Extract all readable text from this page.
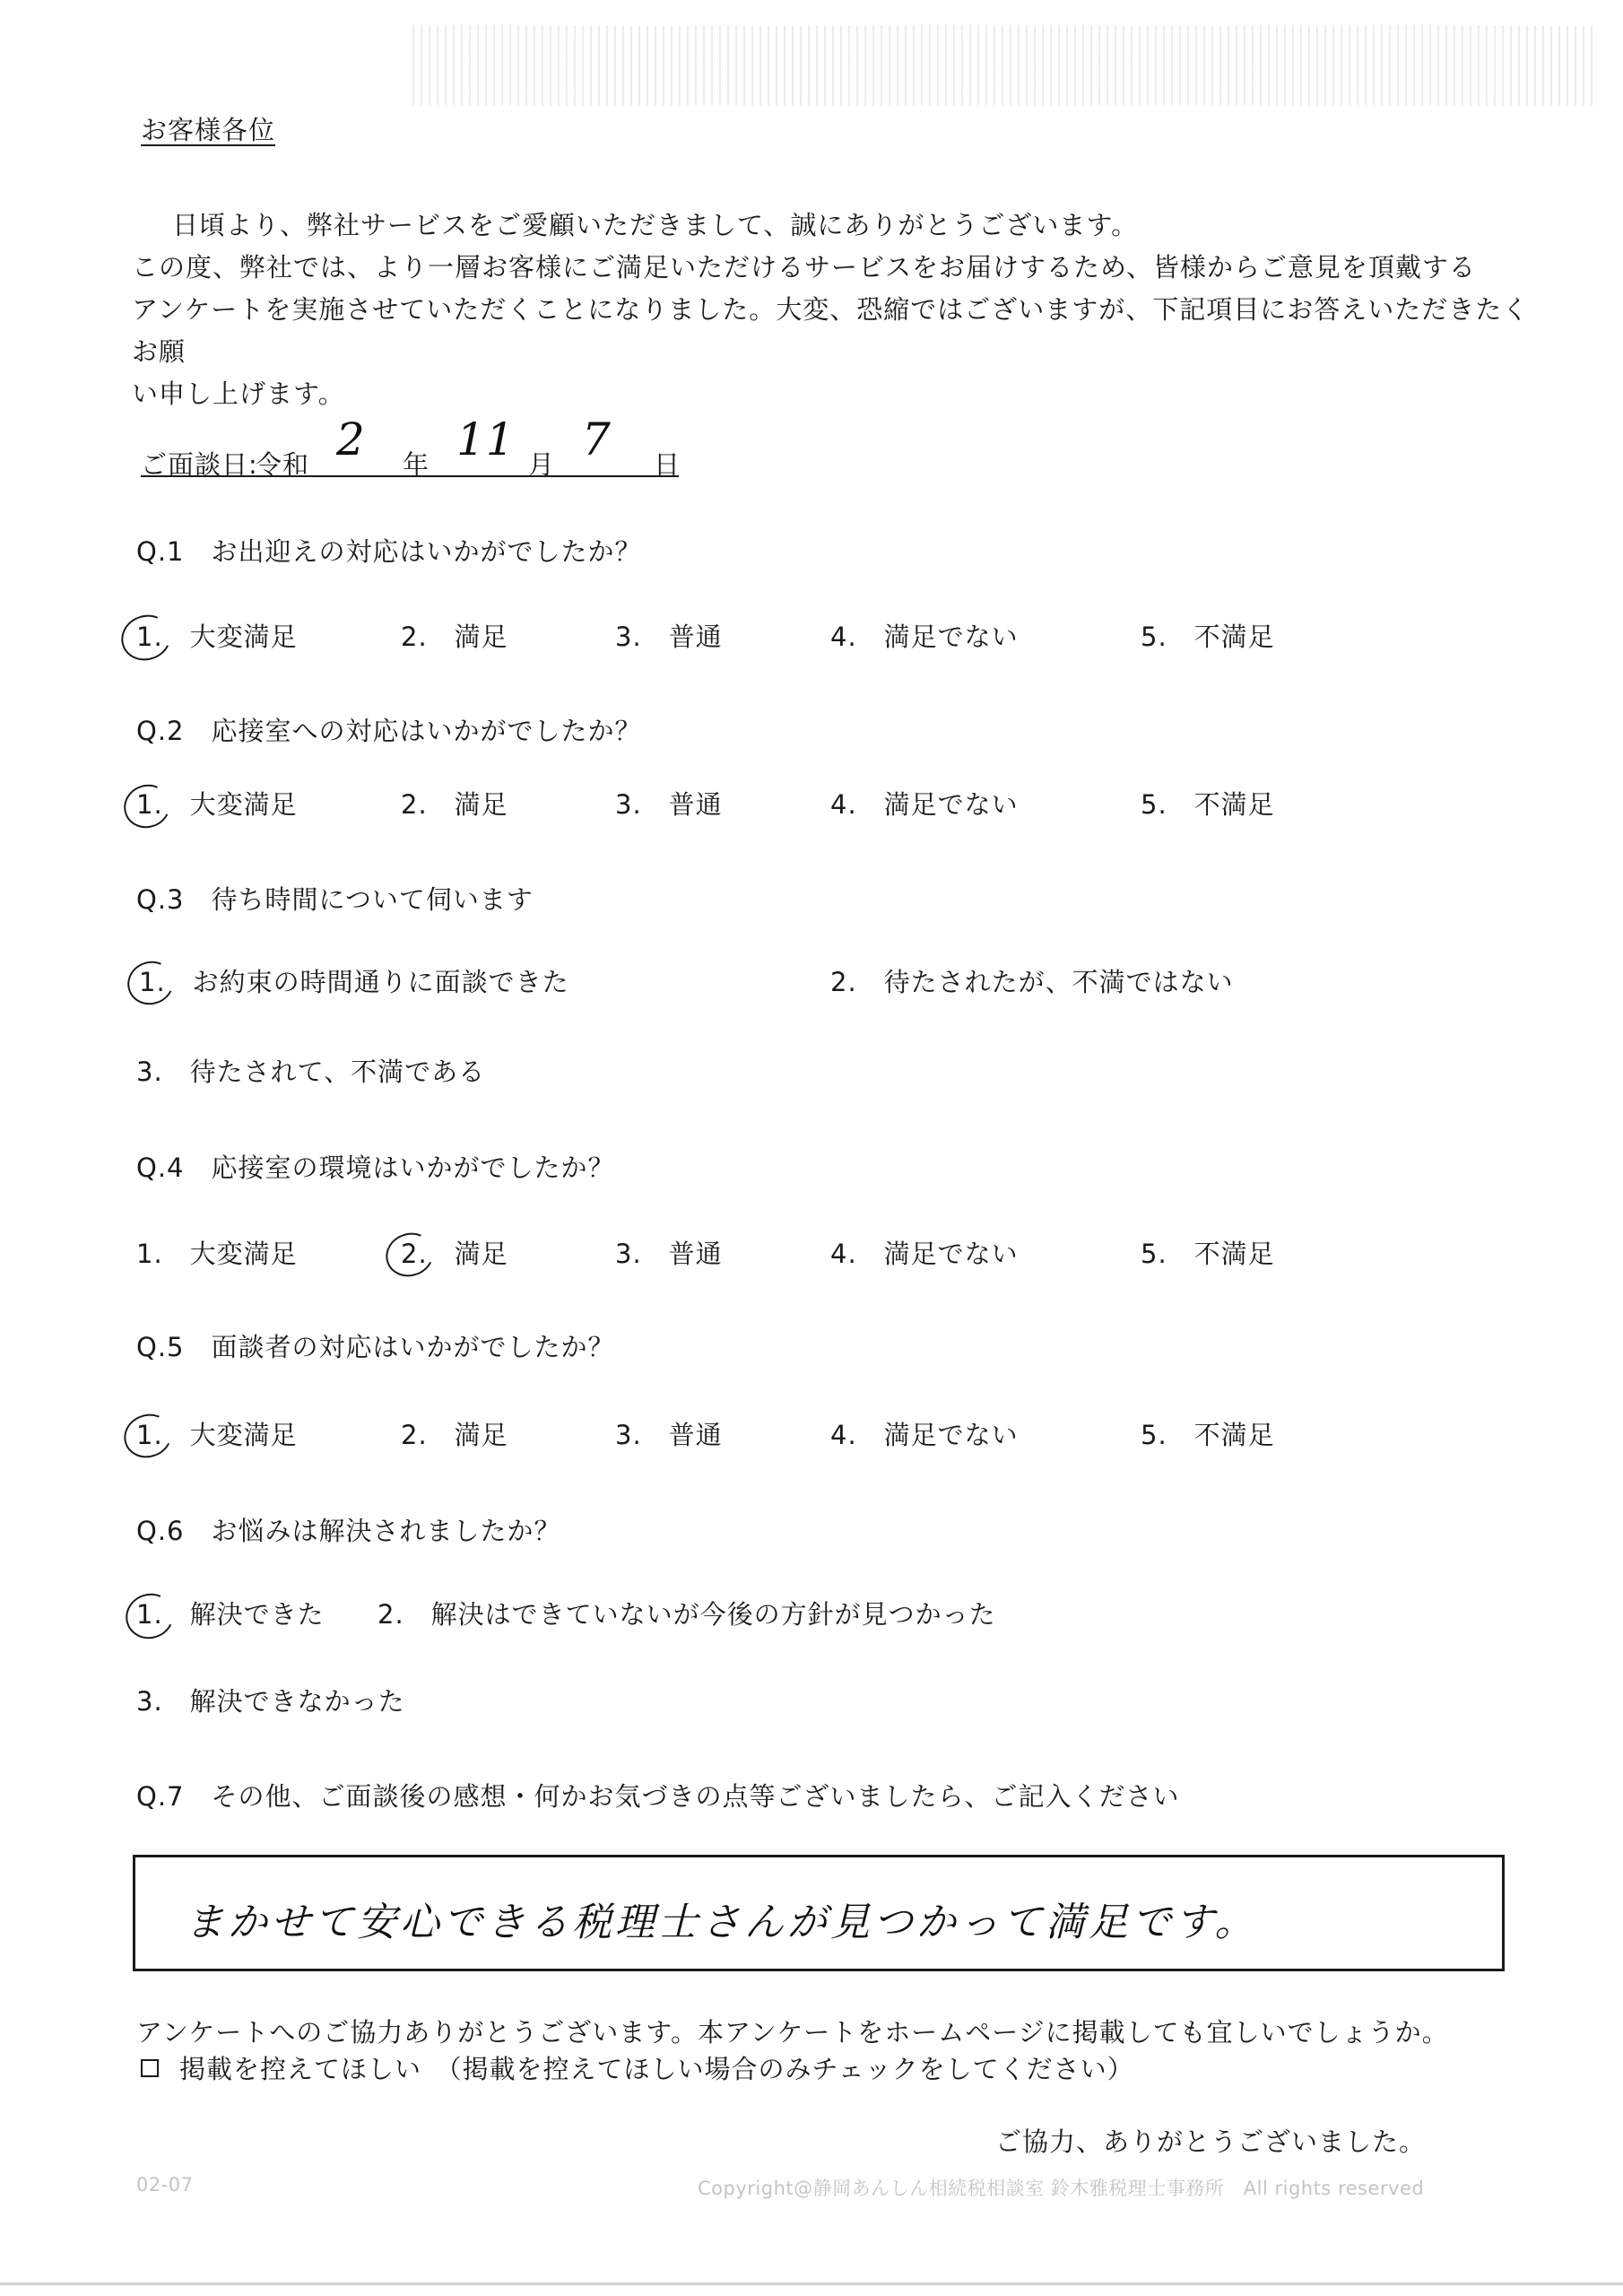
お客様各位
日頃より、弊社サービスをご愛顧いただきまして、誠にありがとうございます。
この度、弊社では、より一層お客様にご満足いただけるサービスをお届けするため、皆様からご意見を頂戴する
アンケートを実施させていただくことになりました。大変、恐縮ではございますが、下記項目にお答えいただきたくお願
い申し上げます。
ご面談日:
令和 2 年 11 月 7 日
Q.1　お出迎えの対応はいかがでしたか？
1.　大変満足	2.　満足	3.　普通	4.　満足でない	5.　不満足
Q.2　応接室への対応はいかがでしたか？
1.　大変満足	2.　満足	3.　普通	4.　満足でない	5.　不満足
Q.3　待ち時間について伺います
1.　お約束の時間通りに面談できた	2.　待たされたが、不満ではない
3.　待たされて、不満である
Q.4　応接室の環境はいかがでしたか？
1.　大変満足	2.　満足	3.　普通	4.　満足でない	5.　不満足
Q.5　面談者の対応はいかがでしたか？
1.　大変満足	2.　満足	3.　普通	4.　満足でない	5.　不満足
Q.6　お悩みは解決されましたか？
1.　解決できた 2.　解決はできていないが今後の方針が見つかった
3.　解決できなかった
Q.7　その他、ご面談後の感想・何かお気づきの点等ございましたら、ご記入ください
まかせて安心できる税理士さんが見つかって満足です。
アンケートへのご協力ありがとうございます。本アンケートをホームページに掲載しても宜しいでしょうか。
掲載を控えてほしい　（掲載を控えてほしい場合のみチェックをしてください）
ご協力、ありがとうございました。
02-07	Copyright@静岡あんしん相続税相談室 鈴木雅税理士事務所　All rights reserved
